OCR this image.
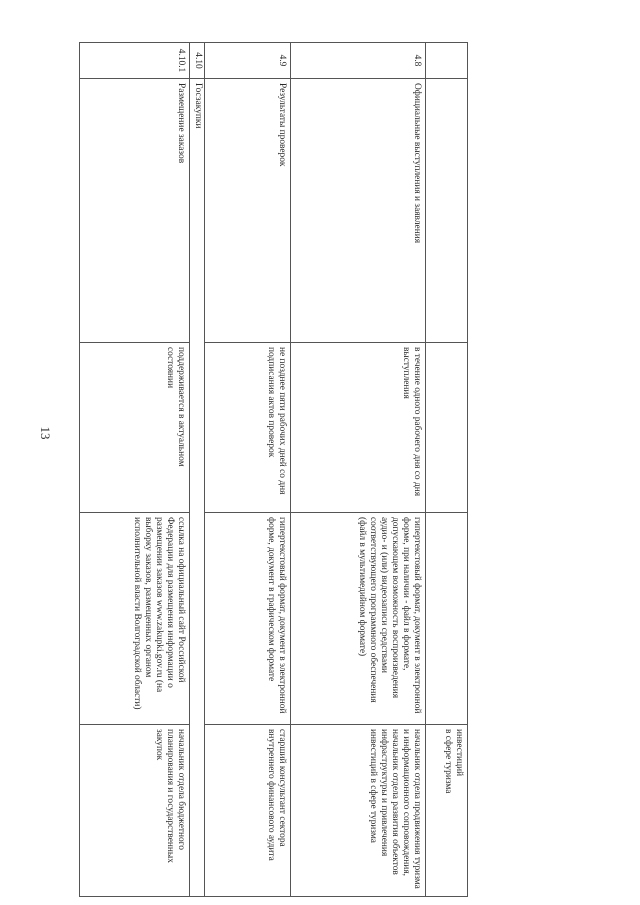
13
				инвестиций
в сфере туризма
4.8	Официальные выступления и заявления	в течение одного рабочего дня со дня выступления	гипертекстовый формат, документ в электронной форме, при наличии - файл в формате, допускающем возможность воспроизведения аудио- и (или) видеозаписи средствами соответствующего программного обеспечения (файл в мультимедийном формате)	начальник отдела продвижения туризма и информационного сопровождения, начальник отдела развития объектов инфраструктуры и привлечения инвестиций в сфере туризма
4.9	Результаты проверок	не позднее пяти рабочих дней со дня подписания актов проверок	гипертекстовый формат, документ в электронной форме, документ в графическом формате	старший консультант сектора внутреннего финансового аудита
4.10	Госзакупки			
4.10.1	Размещение заказов	поддерживается в актуальном состоянии	ссылка на официальный сайт Российской Федерации для размещения информации о размещении заказов www.zakupki.gov.ru (на выборку заказов, размещенных органом исполнительной власти Волгоградской области)	начальник отдела бюджетного планирования и государственных закупок
